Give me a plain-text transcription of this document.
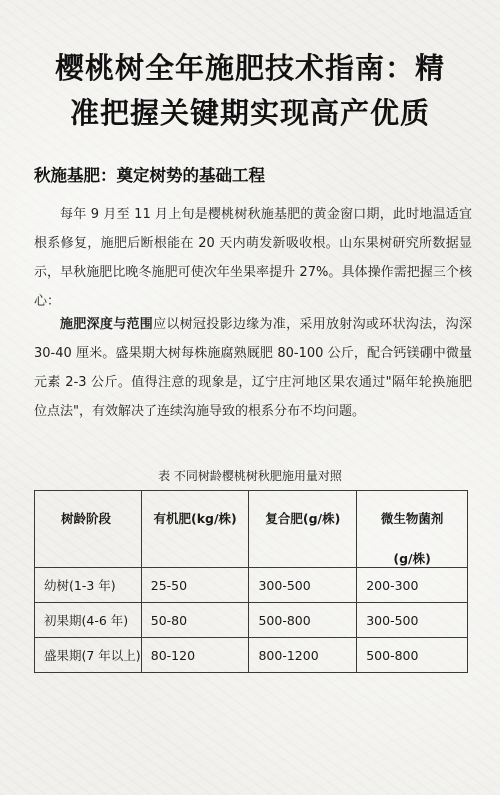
樱桃树全年施肥技术指南：精
准把握关键期实现高产优质
秋施基肥：奠定树势的基础工程
每年 9 月至 11 月上旬是樱桃树秋施基肥的黄金窗口期，此时地温适宜根系修复，施肥后断根能在 20 天内萌发新吸收根。山东果树研究所数据显示，早秋施肥比晚冬施肥可使次年坐果率提升 27%。具体操作需把握三个核心：
施肥深度与范围应以树冠投影边缘为准，采用放射沟或环状沟法，沟深 30-40 厘米。盛果期大树每株施腐熟厩肥 80-100 公斤，配合钙镁硼中微量元素 2-3 公斤。值得注意的现象是，辽宁庄河地区果农通过"隔年轮换施肥位点法"，有效解决了连续沟施导致的根系分布不均问题。
表 不同树龄樱桃树秋肥施用量对照
树龄阶段	有机肥(kg/株)	复合肥(g/株)	微生物菌剂
(g/株)

幼树(1-3 年)	25-50	300-500	200-300
初果期(4-6 年)	50-80	500-800	300-500
盛果期(7 年以上)	80-120	800-1200	500-800
